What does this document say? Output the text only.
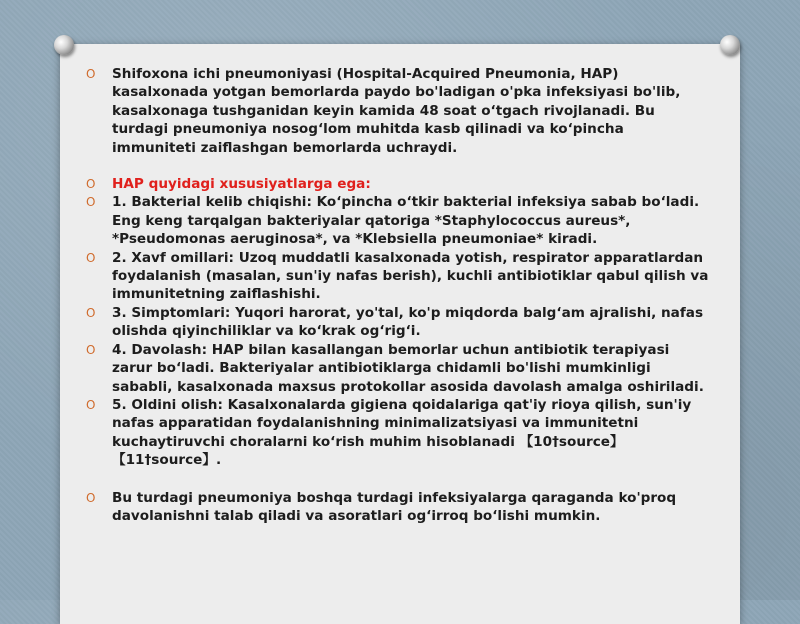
O Shifoxona ichi pneumoniyasi (Hospital-Acquired Pneumonia, HAP) kasalxonada yotgan bemorlarda paydo bo'ladigan o'pka infeksiyasi bo'lib, kasalxonaga tushganidan keyin kamida 48 soat o‘tgach rivojlanadi. Bu turdagi pneumoniya nosog‘lom muhitda kasb qilinadi va ko‘pincha immuniteti zaiflashgan bemorlarda uchraydi.
O HAP quyidagi xususiyatlarga ega:
O 1. Bakterial kelib chiqishi: Ko‘pincha o‘tkir bakterial infeksiya sabab bo‘ladi. Eng keng tarqalgan bakteriyalar qatoriga *Staphylococcus aureus*, *Pseudomonas aeruginosa*, va *Klebsiella pneumoniae* kiradi.
O 2. Xavf omillari: Uzoq muddatli kasalxonada yotish, respirator apparatlardan foydalanish (masalan, sun'iy nafas berish), kuchli antibiotiklar qabul qilish va immunitetning zaiflashishi.
O 3. Simptomlari: Yuqori harorat, yo'tal, ko'p miqdorda balg‘am ajralishi, nafas olishda qiyinchiliklar va ko‘krak og‘rig‘i.
O 4. Davolash: HAP bilan kasallangan bemorlar uchun antibiotik terapiyasi zarur bo‘ladi. Bakteriyalar antibiotiklarga chidamli bo'lishi mumkinligi sababli, kasalxonada maxsus protokollar asosida davolash amalga oshiriladi.
O 5. Oldini olish: Kasalxonalarda gigiena qoidalariga qat'iy rioya qilish, sun'iy nafas apparatidan foydalanishning minimalizatsiyasi va immunitetni kuchaytiruvchi choralarni ko‘rish muhim hisoblanadi 【10†source】【11†source】.
O Bu turdagi pneumoniya boshqa turdagi infeksiyalarga qaraganda ko'proq davolanishni talab qiladi va asoratlari og‘irroq bo‘lishi mumkin.
